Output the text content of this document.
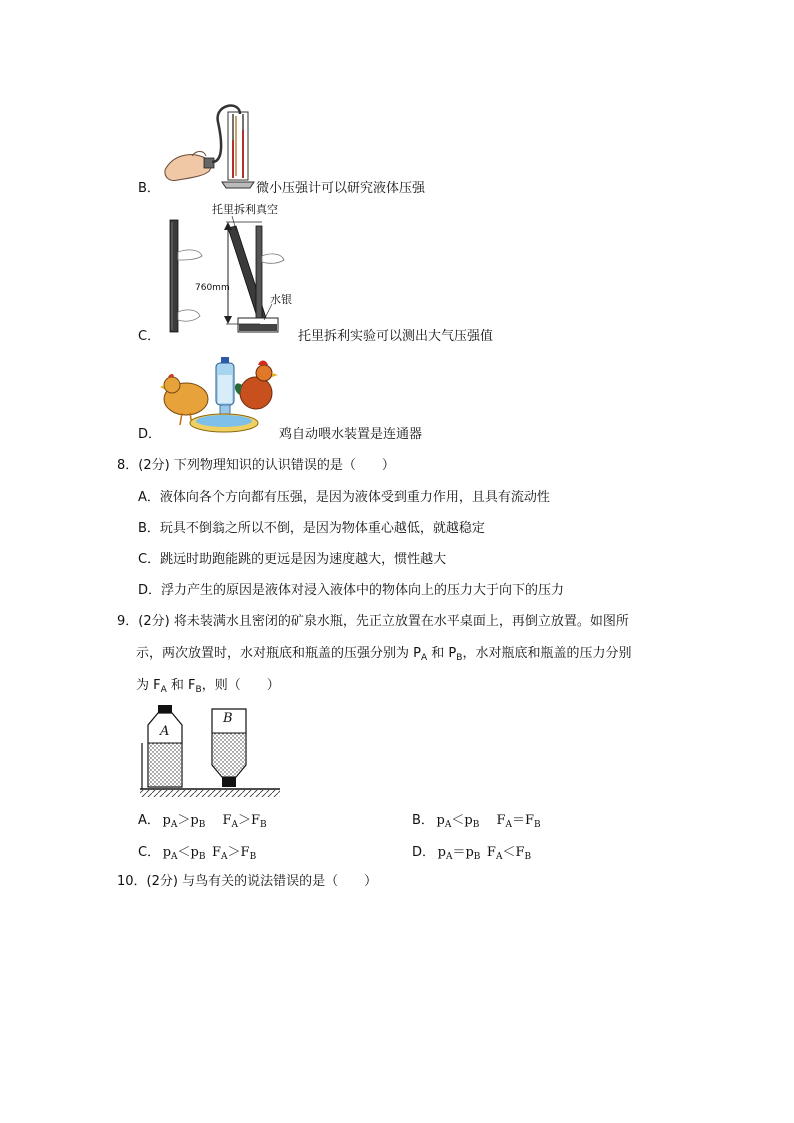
B．	微小压强计可以研究液体压强
托里拆利真空
760mm
水银
C．	托里拆利实验可以测出大气压强值
D．	鸡自动喂水装置是连通器
8．(2分) 下列物理知识的认识错误的是（　　）
A．液体向各个方向都有压强，是因为液体受到重力作用，且具有流动性
B．玩具不倒翁之所以不倒，是因为物体重心越低，就越稳定
C．跳远时助跑能跳的更远是因为速度越大，惯性越大
D．浮力产生的原因是液体对浸入液体中的物体向上的压力大于向下的压力
9．(2分) 将未装满水且密闭的矿泉水瓶，先正立放置在水平桌面上，再倒立放置。如图所
示，两次放置时，水对瓶底和瓶盖的压强分别为 $P_A$ 和 $P_B$，水对瓶底和瓶盖的压力分别
为 $F_A$ 和 $F_B$，则（　　）
A
B
A．  $p_A>p_B$  $F_A>F_B$	B．  $p_A<p_B$  $F_A=F_B$
C．  $p_A<p_B$  $F_A>F_B$	D．  $p_A=p_B$  $F_A<F_B$
10．(2分) 与鸟有关的说法错误的是（　　）
